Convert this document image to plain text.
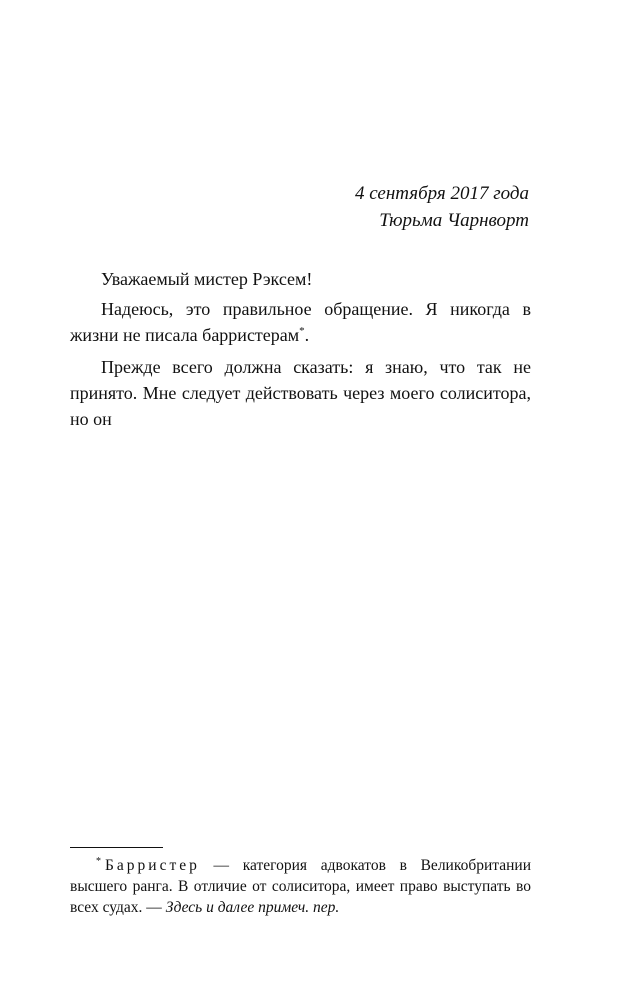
4 сентября 2017 года
Тюрьма Чарнворт

Уважаемый мистер Рэксем!

Надеюсь, это правильное обращение. Я никогда в жизни не писала барристерам*.

Прежде всего должна сказать: я знаю, что так не принято. Мне следует действовать через моего солиситора, но он

* Барристер — категория адвокатов в Великобритании высшего ранга. В отличие от солиситора, имеет право выступать во всех судах. — Здесь и далее примеч. пер.
